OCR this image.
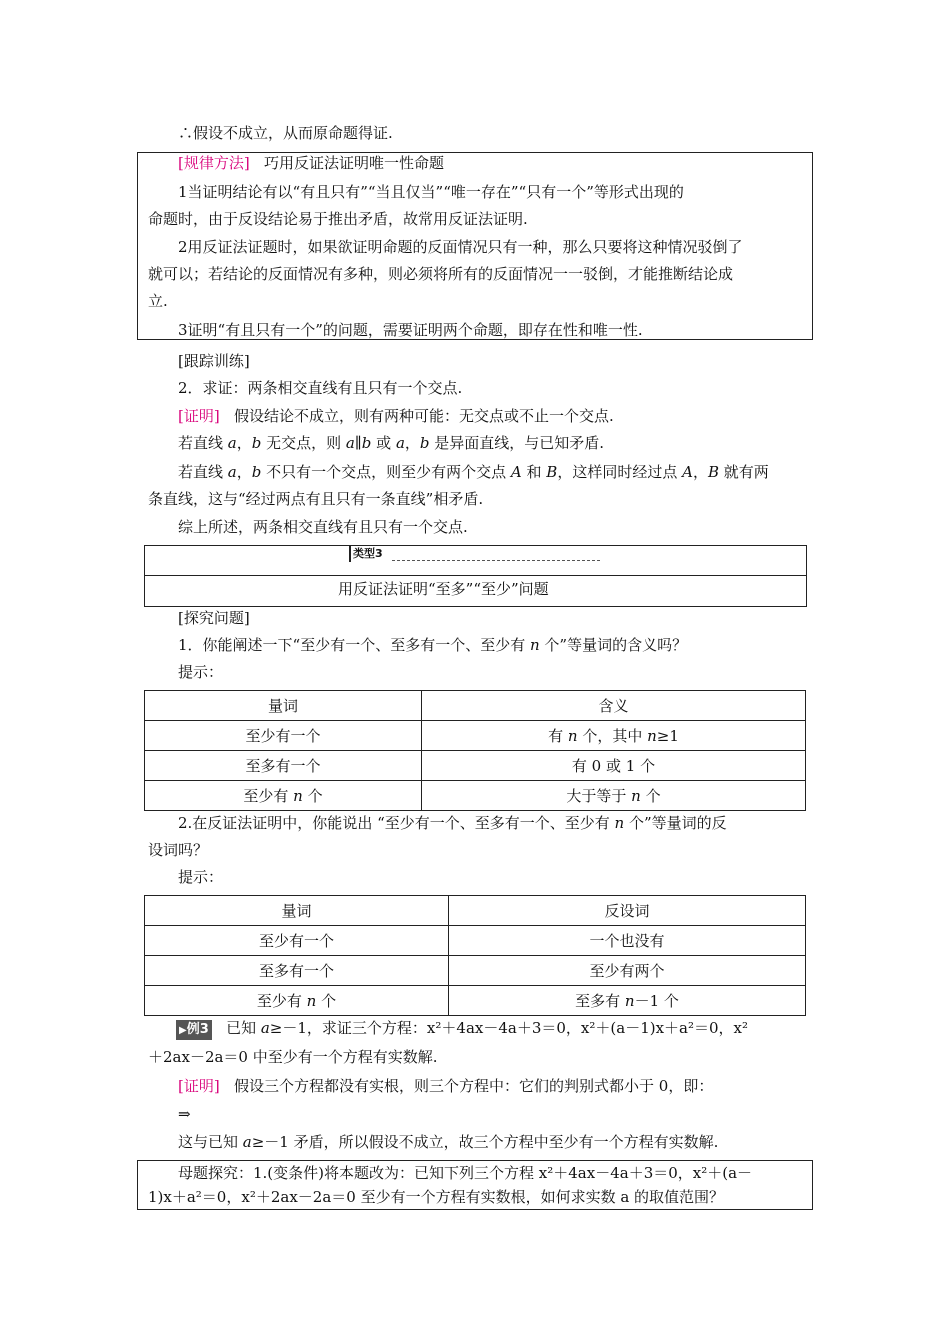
∴假设不成立，从而原命题得证.
[规律方法] 巧用反证法证明唯一性命题
1当证明结论有以“有且只有”“当且仅当”“唯一存在”“只有一个”等形式出现的
命题时，由于反设结论易于推出矛盾，故常用反证法证明.
2用反证法证题时，如果欲证明命题的反面情况只有一种，那么只要将这种情况驳倒了
就可以；若结论的反面情况有多种，则必须将所有的反面情况一一驳倒，才能推断结论成
立.
3证明“有且只有一个”的问题，需要证明两个命题，即存在性和唯一性.
[跟踪训练]
2．求证：两条相交直线有且只有一个交点.
[证明] 假设结论不成立，则有两种可能：无交点或不止一个交点.
若直线 a，b 无交点，则 a∥b 或 a，b 是异面直线，与已知矛盾.
若直线 a，b 不只有一个交点，则至少有两个交点 A 和 B，这样同时经过点 A，B 就有两
条直线，这与“经过两点有且只有一条直线”相矛盾.
综上所述，两条相交直线有且只有一个交点.
类型3
用反证法证明“至多”“至少”问题
[探究问题]
1．你能阐述一下“至少有一个、至多有一个、至少有 n 个”等量词的含义吗？
提示：
量词	含义
至少有一个	有 n 个，其中 n≥1
至多有一个	有 0 或 1 个
至少有 n 个	大于等于 n 个
2.在反证法证明中，你能说出 “至少有一个、至多有一个、至少有 n 个”等量词的反
设词吗？
提示：
量词	反设词
至少有一个	一个也没有
至多有一个	至少有两个
至少有 n 个	至多有 n－1 个
▶例3 已知 a≥－1，求证三个方程：x²＋4ax－4a＋3＝0，x²＋(a－1)x＋a²＝0，x²
＋2ax－2a＝0 中至少有一个方程有实数解.
[证明] 假设三个方程都没有实根，则三个方程中：它们的判别式都小于 0，即：
⇒
这与已知 a≥－1 矛盾，所以假设不成立，故三个方程中至少有一个方程有实数解.
母题探究：1.(变条件)将本题改为：已知下列三个方程 x²＋4ax－4a＋3＝0，x²＋(a－
1)x＋a²＝0，x²＋2ax－2a＝0 至少有一个方程有实数根，如何求实数 a 的取值范围？
